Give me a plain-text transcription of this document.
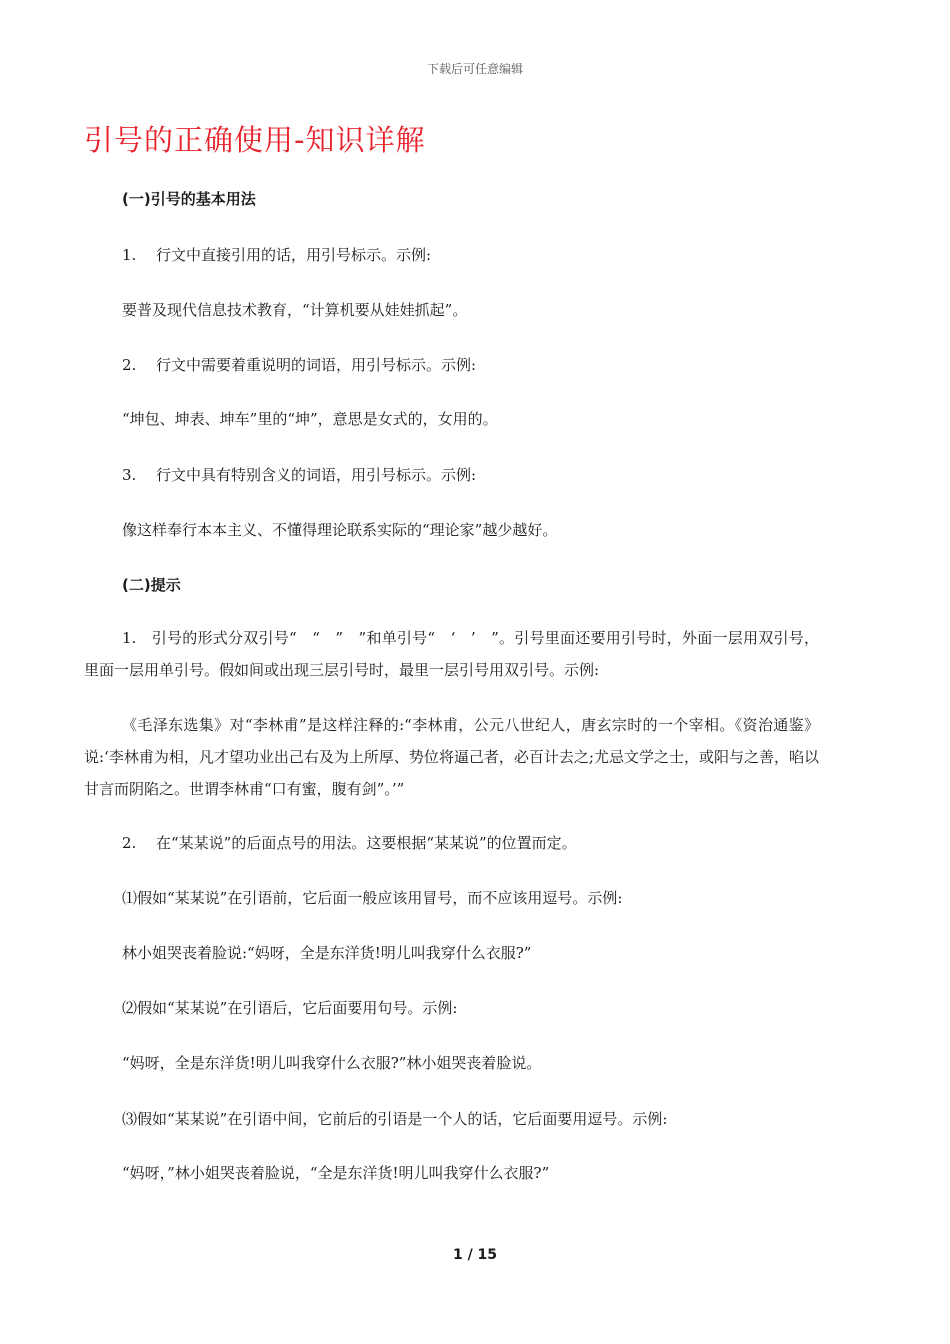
下载后可任意编辑
引号的正确使用-知识详解
(一)引号的基本用法
1. 行文中直接引用的话，用引号标示。示例:
要普及现代信息技术教育，“计算机要从娃娃抓起”。
2. 行文中需要着重说明的词语，用引号标示。示例:
“坤包、坤表、坤车”里的“坤”，意思是女式的，女用的。
3. 行文中具有特别含义的词语，用引号标示。示例:
像这样奉行本本主义、不懂得理论联系实际的“理论家”越少越好。
(二)提示
1.　引号的形式分双引号“　“　”　”和单引号“　‘　’　”。引号里面还要用引号时，外面一层用双引号，里面一层用单引号。假如间或出现三层引号时，最里一层引号用双引号。示例:
《毛泽东选集》对“李林甫”是这样注释的:“李林甫，公元八世纪人，唐玄宗时的一个宰相。《资治通鉴》说:‘李林甫为相，凡才望功业出己右及为上所厚、势位将逼己者，必百计去之;尤忌文学之士，或阳与之善，啗以甘言而阴陷之。世谓李林甫“口有蜜，腹有剑”。’”
2. 在“某某说”的后面点号的用法。这要根据“某某说”的位置而定。
⑴假如“某某说”在引语前，它后面一般应该用冒号，而不应该用逗号。示例:
林小姐哭丧着脸说:“妈呀，全是东洋货!明儿叫我穿什么衣服?”
⑵假如“某某说”在引语后，它后面要用句号。示例:
“妈呀，全是东洋货!明儿叫我穿什么衣服?”林小姐哭丧着脸说。
⑶假如“某某说”在引语中间，它前后的引语是一个人的话，它后面要用逗号。示例:
“妈呀，”林小姐哭丧着脸说，“全是东洋货!明儿叫我穿什么衣服?”
1 / 15
